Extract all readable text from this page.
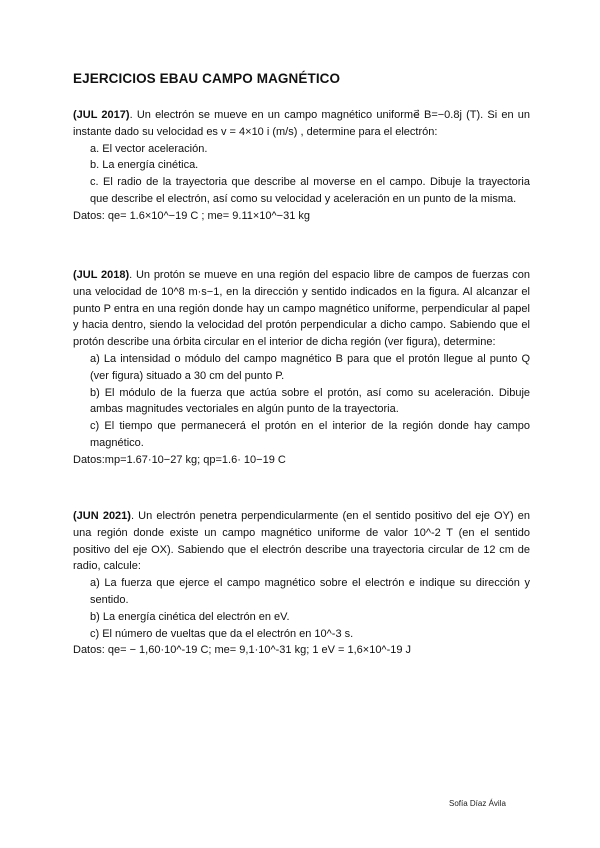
EJERCICIOS EBAU CAMPO MAGNÉTICO

(JUL 2017). Un electrón se mueve en un campo magnético uniforme⃗ B=−0.8j (T). Si en un instante dado su velocidad es v = 4×10 i (m/s) , determine para el electrón:

a. El vector aceleración.
b. La energía cinética.
c. El radio de la trayectoria que describe al moverse en el campo. Dibuje la trayectoria que describe el electrón, así como su velocidad y aceleración en un punto de la misma.

Datos: qe= 1.6×10^−19 C ; me= 9.11×10^−31 kg

(JUL 2018). Un protón se mueve en una región del espacio libre de campos de fuerzas con una velocidad de 10^8 m·s−1, en la dirección y sentido indicados en la figura. Al alcanzar el punto P entra en una región donde hay un campo magnético uniforme, perpendicular al papel y hacia dentro, siendo la velocidad del protón perpendicular a dicho campo. Sabiendo que el protón describe una órbita circular en el interior de dicha región (ver figura), determine:

a) La intensidad o módulo del campo magnético B para que el protón llegue al punto Q (ver figura) situado a 30 cm del punto P.
b) El módulo de la fuerza que actúa sobre el protón, así como su aceleración. Dibuje ambas magnitudes vectoriales en algún punto de la trayectoria.
c) El tiempo que permanecerá el protón en el interior de la región donde hay campo magnético.

Datos:mp=1.67·10−27 kg; qp=1.6· 10−19 C

(JUN 2021). Un electrón penetra perpendicularmente (en el sentido positivo del eje OY) en una región donde existe un campo magnético uniforme de valor 10^-2 T (en el sentido positivo del eje OX). Sabiendo que el electrón describe una trayectoria circular de 12 cm de radio, calcule:

a) La fuerza que ejerce el campo magnético sobre el electrón e indique su dirección y sentido.
b) La energía cinética del electrón en eV.
c) El número de vueltas que da el electrón en 10^-3 s.

Datos: qe= − 1,60·10^-19 C; me= 9,1·10^-31 kg; 1 eV = 1,6×10^-19 J

Sofía Díaz Ávila
